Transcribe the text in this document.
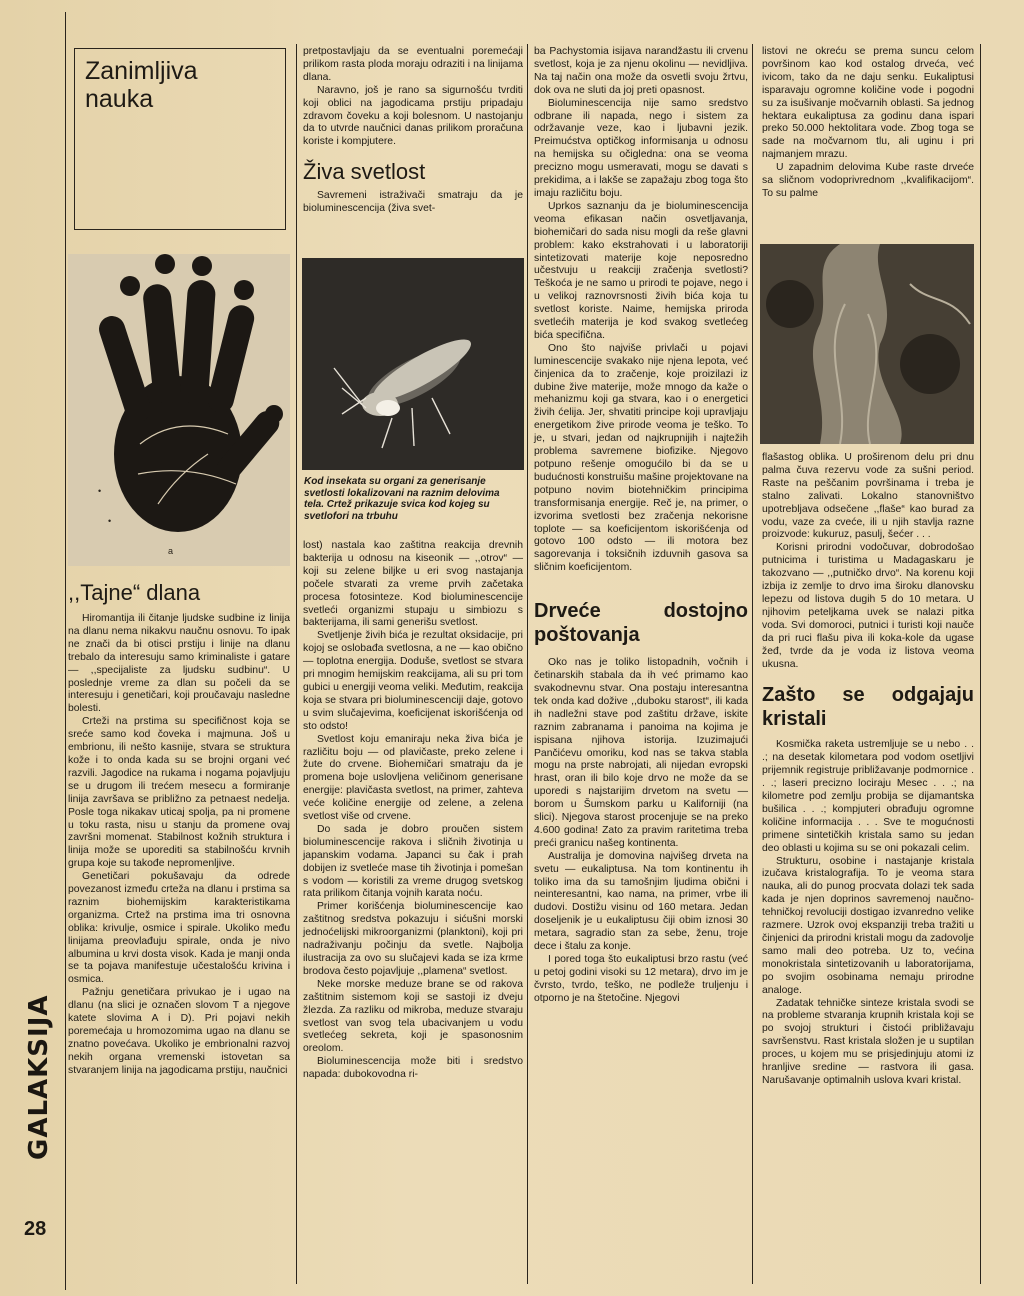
GALAKSIJA
28
Zanimljiva nauka
a
•
•
,,Tajne“ dlana

Hiromantija ili čitanje ljudske sudbine iz linija na dlanu nema nikakvu naučnu osnovu. To ipak ne znači da bi otisci prstiju i linije na dlanu trebalo da interesuju samo kriminaliste i gatare — ,,specijaliste za ljudsku sudbinu“. U poslednje vreme za dlan su počeli da se interesuju i genetičari, koji proučavaju nasledne bolesti.

Crteži na prstima su specifičnost koja se sreće samo kod čoveka i majmuna. Još u embrionu, ili nešto kasnije, stvara se struktura kože i to onda kada su se brojni organi već razvili. Jagodice na rukama i nogama pojavljuju se u drugom ili trećem mesecu a formiranje linija završava se približno za petnaest nedelja. Posle toga nikakav uticaj spolja, pa ni promene u toku rasta, nisu u stanju da promene ovaj završni momenat. Stabilnost kožnih struktura i linija može se uporediti sa stabilnošću krvnih grupa koje su takođe nepromenljive.

Genetičari pokušavaju da odrede povezanost između crteža na dlanu i prstima sa raznim biohemijskim karakteristikama organizma. Crtež na prstima ima tri osnovna oblika: krivulje, osmice i spirale. Ukoliko među linijama preovlađuju spirale, onda je nivo albumina u krvi dosta visok. Kada je manji onda se ta pojava manifestuje učestalošću krivina i osmica.

Pažnju genetičara privukao je i ugao na dlanu (na slici je označen slovom T a njegove katete slovima A i D). Pri pojavi nekih poremećaja u hromozomima ugao na dlanu se znatno povećava. Ukoliko je embrionalni razvoj nekih organa vremenski istovetan sa stvaranjem linija na jagodicama prstiju, naučnici

pretpostavljaju da se eventualni poremećaji prilikom rasta ploda moraju odraziti i na linijama dlana.

Naravno, još je rano sa sigurnošću tvrditi koji oblici na jagodicama prstiju pripadaju zdravom čoveku a koji bolesnom. U nastojanju da to utvrde naučnici danas prilikom proračuna koriste i kompjutere.

Živa svetlost

Savremeni istraživači smatraju da je bioluminescencija (živa svet-

Kod insekata su organi za generisanje svetlosti lokalizovani na raznim delovima tela. Crtež prikazuje svica kod kojeg su svetlofori na trbuhu

lost) nastala kao zaštitna reakcija drevnih bakterija u odnosu na kiseonik — ,,otrov“ — koji su zelene biljke u eri svog nastajanja počele stvarati za vreme prvih začetaka procesa fotosinteze. Kod bioluminescencije svetleći organizmi stupaju u simbiozu s bakterijama, ili sami generišu svetlost.

Svetljenje živih bića je rezultat oksidacije, pri kojoj se oslobađa svetlosna, a ne — kao obično — toplotna energija. Doduše, svetlost se stvara pri mnogim hemijskim reakcijama, ali su pri tom gubici u energiji veoma veliki. Međutim, reakcija koja se stvara pri bioluminescenciji daje, gotovo u svim slučajevima, koeficijenat iskorišćenja od sto odsto!

Svetlost koju emaniraju neka živa bića je različitu boju — od plavičaste, preko zelene i žute do crvene. Biohemičari smatraju da je promena boje uslovljena veličinom generisane energije: plavičasta svetlost, na primer, zahteva veće količine energije od zelene, a zelena svetlost više od crvene.

Do sada je dobro proučen sistem bioluminescencije rakova i sličnih životinja u japanskim vodama. Japanci su čak i prah dobijen iz svetleće mase tih životinja i pomešan s vodom — koristili za vreme drugog svetskog rata prilikom čitanja vojnih karata noću.

Primer korišćenja bioluminescencije kao zaštitnog sredstva pokazuju i sićušni morski jednoćelijski mikroorganizmi (planktoni), koji pri nadraživanju počinju da svetle. Najbolja ilustracija za ovo su slučajevi kada se iza krme brodova često pojavljuje ,,plamena“ svetlost.

Neke morske meduze brane se od rakova zaštitnim sistemom koji se sastoji iz dveju žlezda. Za razliku od mikroba, meduze stvaraju svetlost van svog tela ubacivanjem u vodu svetlećeg sekreta, koji je spasonosnim oreolom.

Bioluminescencija može biti i sredstvo napada: dubokovodna ri-

ba Pachystomia isijava narandžastu ili crvenu svetlost, koja je za njenu okolinu — nevidljiva. Na taj način ona može da osvetli svoju žrtvu, dok ova ne sluti da joj preti opasnost.

Bioluminescencija nije samo sredstvo odbrane ili napada, nego i sistem za održavanje veze, kao i ljubavni jezik. Preimućstva optičkog informisanja u odnosu na hemijska su očigledna: ona se veoma precizno mogu usmeravati, mogu se davati s prekidima, a i lakše se zapažaju zbog toga što imaju različitu boju.

Uprkos saznanju da je bioluminescencija veoma efikasan način osvetljavanja, biohemičari do sada nisu mogli da reše glavni problem: kako ekstrahovati i u laboratoriji sintetizovati materije koje neposredno učestvuju u reakciji zračenja svetlosti? Teškoća je ne samo u prirodi te pojave, nego i u velikoj raznovrsnosti živih bića koja tu svetlost koriste. Naime, hemijska priroda svetlećih materija je kod svakog svetlećeg bića specifična.

Ono što najviše privlači u pojavi luminescencije svakako nije njena lepota, već činjenica da to zračenje, koje proizilazi iz dubine žive materije, može mnogo da kaže o mehanizmu koji ga stvara, kao i o energetici živih ćelija. Jer, shvatiti principe koji upravljaju energetikom žive prirode veoma je teško. To je, u stvari, jedan od najkrupnijih i najtežih problema savremene biofizike. Njegovo potpuno rešenje omogućilo bi da se u budućnosti konstruišu mašine projektovane na potpuno novim biotehničkim principima transformisanja energije. Reč je, na primer, o izvorima svetlosti bez zračenja nekorisne toplote — sa koeficijentom iskorišćenja od gotovo 100 odsto — ili motora bez sagorevanja i toksičnih izduvnih gasova sa sličnim koeficijentom.

Drveće dostojno poštovanja

Oko nas je toliko listopadnih, vočnih i četinarskih stabala da ih već primamo kao svakodnevnu stvar. Ona postaju interesantna tek onda kad dožive ,,duboku starost“, ili kada ih nadležni stave pod zaštitu države, iskite raznim zabranama i panoima na kojima je ispisana njihova istorija. Izuzimajući Pančićevu omoriku, kod nas se takva stabla mogu na prste nabrojati, ali nijedan evropski hrast, oran ili bilo koje drvo ne može da se uporedi s najstarijim drvetom na svetu — borom u Šumskom parku u Kaliforniji (na slici). Njegova starost procenjuje se na preko 4.600 godina! Zato za pravim raritetima treba preći granicu našeg kontinenta.

Australija je domovina najvišeg drveta na svetu — eukaliptusa. Na tom kontinentu ih toliko ima da su tamošnjim ljudima obični i neinteresantni, kao nama, na primer, vrbe ili dudovi. Dostižu visinu od 160 metara. Jedan doseljenik je u eukaliptusu čiji obim iznosi 30 metara, sagradio stan za sebe, ženu, troje dece i štalu za konje.

I pored toga što eukaliptusi brzo rastu (već u petoj godini visoki su 12 metara), drvo im je čvrsto, tvrdo, teško, ne podleže truljenju i otporno je na štetočine. Njegovi

listovi ne okreću se prema suncu celom površinom kao kod ostalog drveća, već ivicom, tako da ne daju senku. Eukaliptusi isparavaju ogromne količine vode i pogodni su za isušivanje močvarnih oblasti. Sa jednog hektara eukaliptusa za godinu dana ispari preko 50.000 hektolitara vode. Zbog toga se sade na močvarnom tlu, ali uginu i pri najmanjem mrazu.

U zapadnim delovima Kube raste drveće sa sličnom vodoprivrednom ,,kvalifikacijom“. To su palme

flašastog oblika. U proširenom delu pri dnu palma čuva rezervu vode za sušni period. Raste na peščanim površinama i treba je stalno zalivati. Lokalno stanovništvo upotrebljava odsečene ,,flaše“ kao burad za vodu, vaze za cveće, ili u njih stavlja razne proizvode: kukuruz, pasulj, šećer . . .

Korisni prirodni vodočuvar, dobrodošao putnicima i turistima u Madagaskaru je takozvano — ,,putničko drvo“. Na korenu koji izbija iz zemlje to drvo ima široku dlanovsku lepezu od listova dugih 5 do 10 metara. U njihovim peteljkama uvek se nalazi pitka voda. Svi domoroci, putnici i turisti koji nauče da pri ruci flašu piva ili koka-kole da ugase žeđ, tvrde da je voda iz listova veoma ukusna.

Zašto se odgajaju kristali

Kosmička raketa ustremljuje se u nebo . . .; na desetak kilometara pod vodom osetljivi prijemnik registruje približavanje podmornice . . .; laseri precizno lociraju Mesec . . .; na kilometre pod zemlju probija se dijamantska bušilica . . .; kompjuteri obrađuju ogromne količine informacija . . . Sve te mogućnosti primene sintetičkih kristala samo su jedan deo oblasti u kojima su se oni pokazali celim.

Strukturu, osobine i nastajanje kristala izučava kristalografija. To je veoma stara nauka, ali do punog procvata dolazi tek sada kada je njen doprinos savremenoj naučno-tehničkoj revoluciji dostigao izvanredno velike razmere. Uzrok ovoj ekspanziji treba tražiti u činjenici da prirodni kristali mogu da zadovolje samo mali deo potreba. Uz to, većina monokristala sintetizovanih u laboratorijama, po svojim osobinama nemaju prirodne analoge.

Zadatak tehničke sinteze kristala svodi se na probleme stvaranja krupnih kristala koji se po svojoj strukturi i čistoći približavaju savršenstvu. Rast kristala složen je u suptilan proces, u kojem mu se prisjedinjuju atomi iz hranljive sredine — rastvora ili gasa. Narušavanje optimalnih uslova kvari kristal.
